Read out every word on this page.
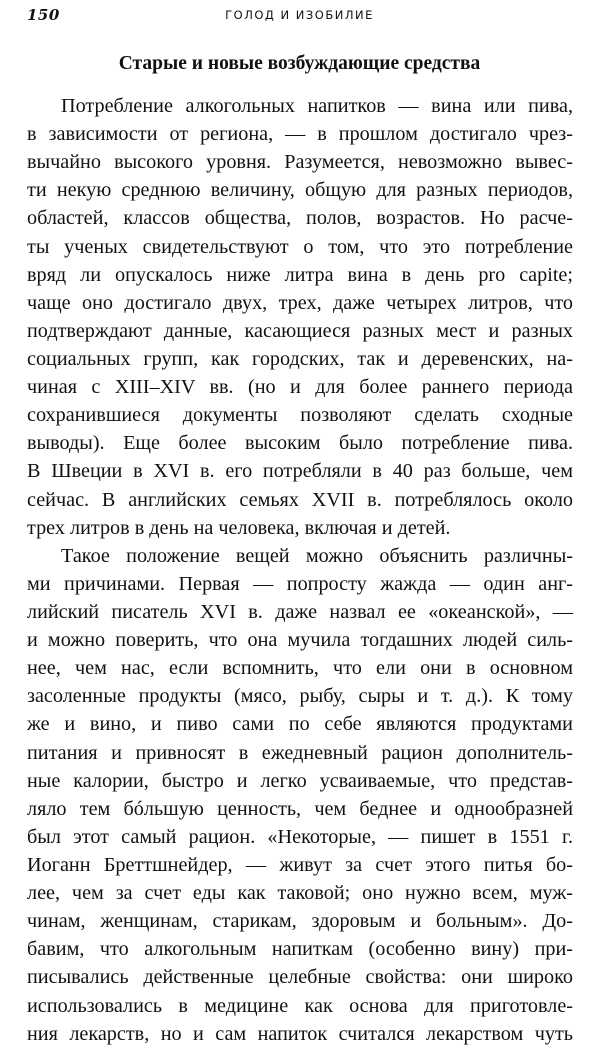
150	ГОЛОД И ИЗОБИЛИЕ
Старые и новые возбуждающие средства
Потребление алкогольных напитков — вина или пива,
в зависимости от региона, — в прошлом достигало чрез-
вычайно высокого уровня. Разумеется, невозможно вывес-
ти некую среднюю величину, общую для разных периодов,
областей, классов общества, полов, возрастов. Но расче-
ты ученых свидетельствуют о том, что это потребление
вряд ли опускалось ниже литра вина в день pro capite;
чаще оно достигало двух, трех, даже четырех литров, что
подтверждают данные, касающиеся разных мест и разных
социальных групп, как городских, так и деревенских, на-
чиная с XIII–XIV вв. (но и для более раннего периода
сохранившиеся документы позволяют сделать сходные
выводы). Еще более высоким было потребление пива.
В Швеции в XVI в. его потребляли в 40 раз больше, чем
сейчас. В английских семьях XVII в. потреблялось около
трех литров в день на человека, включая и детей.
Такое положение вещей можно объяснить различны-
ми причинами. Первая — попросту жажда — один анг-
лийский писатель XVI в. даже назвал ее «океанской», —
и можно поверить, что она мучила тогдашних людей силь-
нее, чем нас, если вспомнить, что ели они в основном
засоленные продукты (мясо, рыбу, сыры и т. д.). К тому
же и вино, и пиво сами по себе являются продуктами
питания и привносят в ежедневный рацион дополнитель-
ные калории, быстро и легко усваиваемые, что представ-
ляло тем бóльшую ценность, чем беднее и однообразней
был этот самый рацион. «Некоторые, — пишет в 1551 г.
Иоганн Бреттшнейдер, — живут за счет этого питья бо-
лее, чем за счет еды как таковой; оно нужно всем, муж-
чинам, женщинам, старикам, здоровым и больным». До-
бавим, что алкогольным напиткам (особенно вину) при-
писывались действенные целебные свойства: они широко
использовались в медицине как основа для приготовле-
ния лекарств, но и сам напиток считался лекарством чуть
